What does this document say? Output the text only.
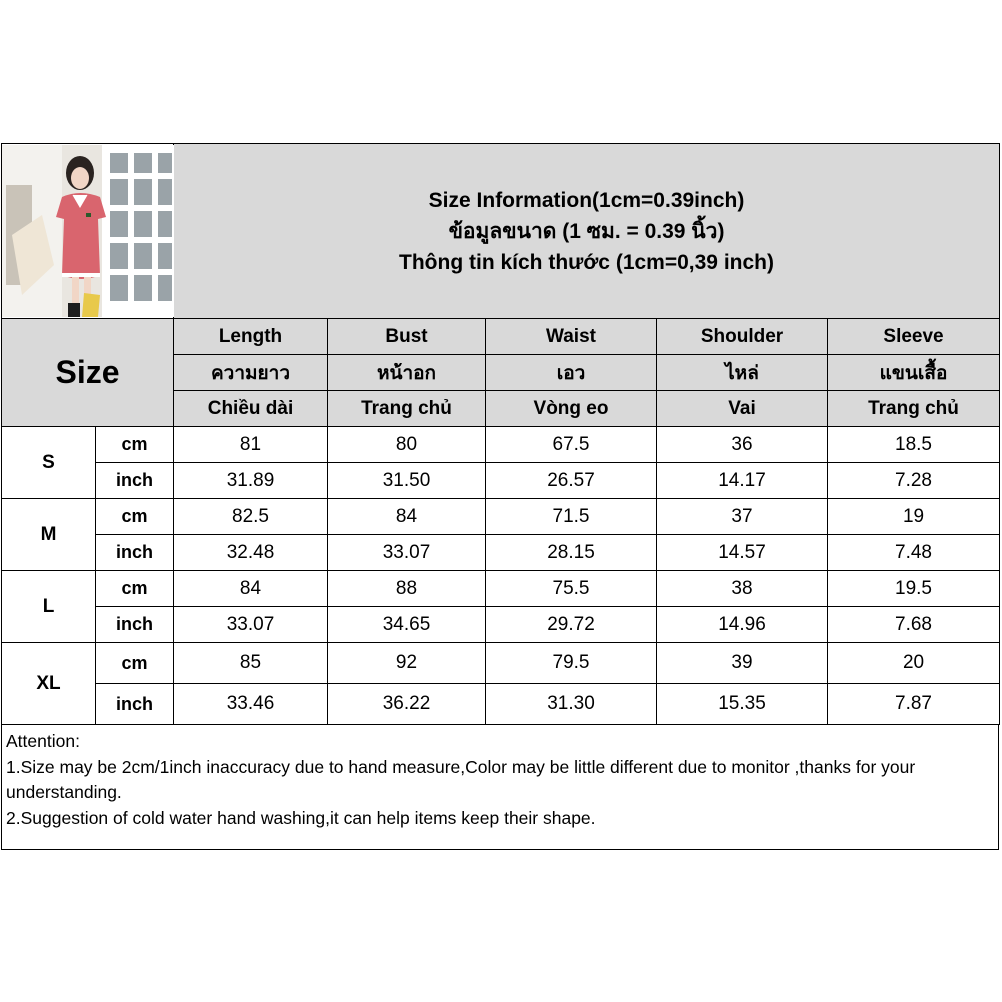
Size Information(1cm=0.39inch)
ข้อมูลขนาด (1 ซม. = 0.39 นิ้ว)
Thông tin kích thước (1cm=0,39 inch)				

Size		Length	Bust	Waist	Shoulder	Sleeve
		ความยาว	หน้าอก	เอว	ไหล่	แขนเสื้อ
		Chiều dài	Trang chủ	Vòng eo	Vai	Trang chủ
S	cm	81	80	67.5	36	18.5
	inch	31.89	31.50	26.57	14.17	7.28
M	cm	82.5	84	71.5	37	19
	inch	32.48	33.07	28.15	14.57	7.48
L	cm	84	88	75.5	38	19.5
	inch	33.07	34.65	29.72	14.96	7.68
XL	cm	85	92	79.5	39	20
	inch	33.46	36.22	31.30	15.35	7.87
Attention:
1.Size may be 2cm/1inch inaccuracy due to hand measure,Color may be little different due to monitor ,thanks for your understanding.
2.Suggestion of cold water hand washing,it can help items keep their shape.
